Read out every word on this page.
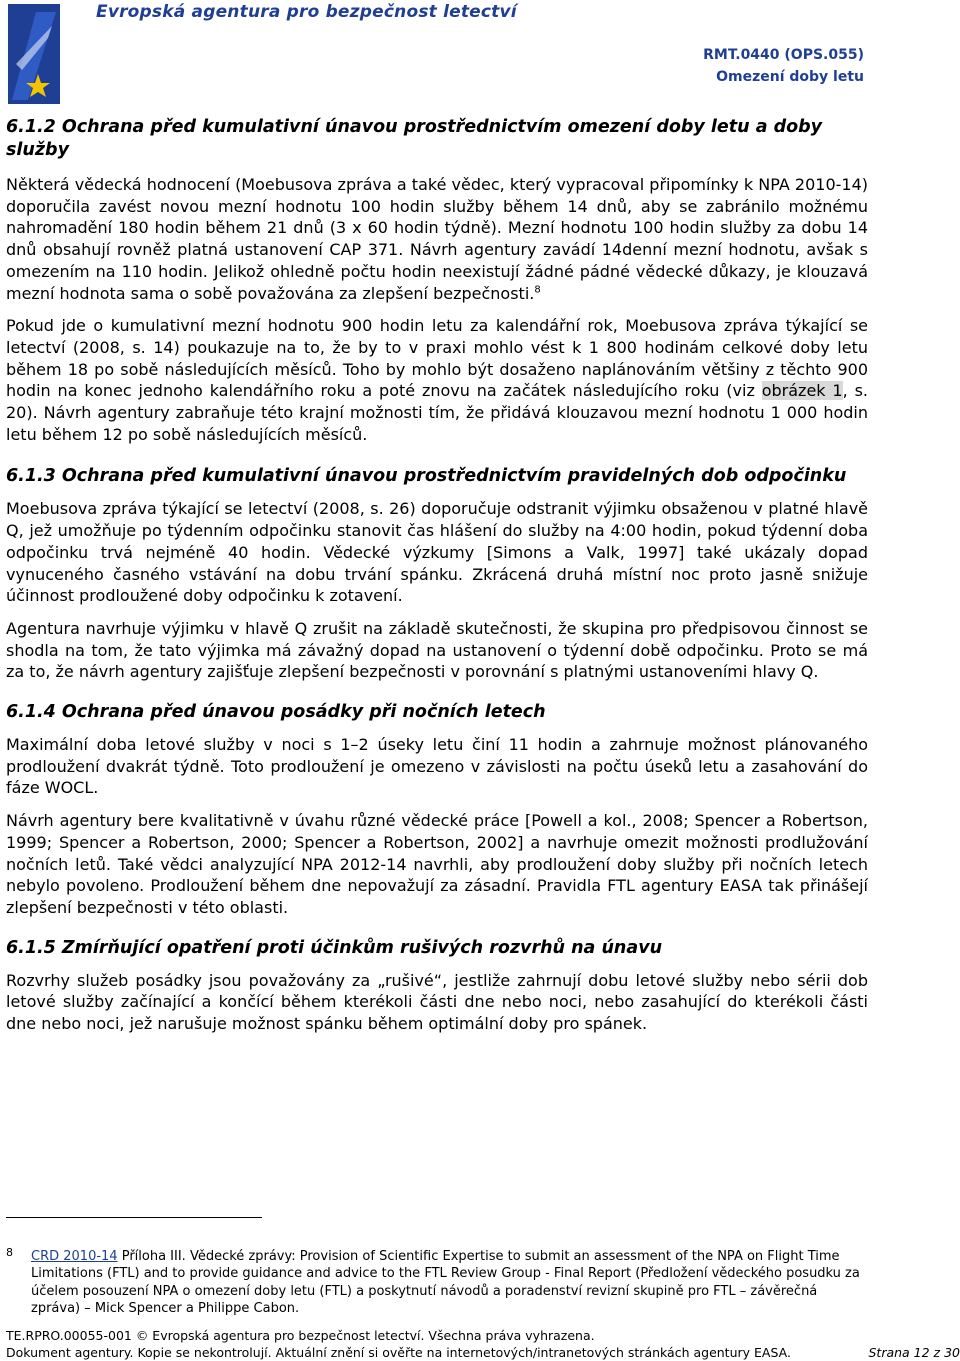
Evropská agentura pro bezpečnost letectví
RMT.0440 (OPS.055)
Omezení doby letu
6.1.2 Ochrana před kumulativní únavou prostřednictvím omezení doby letu a doby služby

Některá vědecká hodnocení (Moebusova zpráva a také vědec, který vypracoval připomínky k NPA 2010-14) doporučila zavést novou mezní hodnotu 100 hodin služby během 14 dnů, aby se zabránilo možnému nahromadění 180 hodin během 21 dnů (3 x 60 hodin týdně). Mezní hodnotu 100 hodin služby za dobu 14 dnů obsahují rovněž platná ustanovení CAP 371. Návrh agentury zavádí 14denní mezní hodnotu, avšak s omezením na 110 hodin. Jelikož ohledně počtu hodin neexistují žádné pádné vědecké důkazy, je klouzavá mezní hodnota sama o sobě považována za zlepšení bezpečnosti.$^8$

Pokud jde o kumulativní mezní hodnotu 900 hodin letu za kalendářní rok, Moebusova zpráva týkající se letectví (2008, s. 14) poukazuje na to, že by to v praxi mohlo vést k 1 800 hodinám celkové doby letu během 18 po sobě následujících měsíců. Toho by mohlo být dosaženo naplánováním většiny z těchto 900 hodin na konec jednoho kalendářního roku a poté znovu na začátek následujícího roku (viz obrázek 1, s. 20). Návrh agentury zabraňuje této krajní možnosti tím, že přidává klouzavou mezní hodnotu 1 000 hodin letu během 12 po sobě následujících měsíců.

6.1.3 Ochrana před kumulativní únavou prostřednictvím pravidelných dob odpočinku

Moebusova zpráva týkající se letectví (2008, s. 26) doporučuje odstranit výjimku obsaženou v platné hlavě Q, jež umožňuje po týdenním odpočinku stanovit čas hlášení do služby na 4:00 hodin, pokud týdenní doba odpočinku trvá nejméně 40 hodin. Vědecké výzkumy [Simons a Valk, 1997] také ukázaly dopad vynuceného časného vstávání na dobu trvání spánku. Zkrácená druhá místní noc proto jasně snižuje účinnost prodloužené doby odpočinku k zotavení.

Agentura navrhuje výjimku v hlavě Q zrušit na základě skutečnosti, že skupina pro předpisovou činnost se shodla na tom, že tato výjimka má závažný dopad na ustanovení o týdenní době odpočinku. Proto se má za to, že návrh agentury zajišťuje zlepšení bezpečnosti v porovnání s platnými ustanoveními hlavy Q.

6.1.4 Ochrana před únavou posádky při nočních letech

Maximální doba letové služby v noci s 1–2 úseky letu činí 11 hodin a zahrnuje možnost plánovaného prodloužení dvakrát týdně. Toto prodloužení je omezeno v závislosti na počtu úseků letu a zasahování do fáze WOCL.

Návrh agentury bere kvalitativně v úvahu různé vědecké práce [Powell a kol., 2008; Spencer a Robertson, 1999; Spencer a Robertson, 2000; Spencer a Robertson, 2002] a navrhuje omezit možnosti prodlužování nočních letů. Také vědci analyzující NPA 2012-14 navrhli, aby prodloužení doby služby při nočních letech nebylo povoleno. Prodloužení během dne nepovažují za zásadní. Pravidla FTL agentury EASA tak přinášejí zlepšení bezpečnosti v této oblasti.

6.1.5 Zmírňující opatření proti účinkům rušivých rozvrhů na únavu

Rozvrhy služeb posádky jsou považovány za „rušivé“, jestliže zahrnují dobu letové služby nebo sérii dob letové služby začínající a končící během kterékoli části dne nebo noci, nebo zasahující do kterékoli části dne nebo noci, jež narušuje možnost spánku během optimální doby pro spánek.

8 CRD 2010-14 Příloha III. Vědecké zprávy: Provision of Scientific Expertise to submit an assessment of the NPA on Flight Time Limitations (FTL) and to provide guidance and advice to the FTL Review Group - Final Report (Předložení vědeckého posudku za účelem posouzení NPA o omezení doby letu (FTL) a poskytnutí návodů a poradenství revizní skupině pro FTL – závěrečná zpráva) – Mick Spencer a Philippe Cabon.
TE.RPRO.00055-001 © Evropská agentura pro bezpečnost letectví. Všechna práva vyhrazena.
Dokument agentury. Kopie se nekontrolují. Aktuální znění si ověřte na internetových/intranetových stránkách agentury EASA.	Strana 12 z 30
